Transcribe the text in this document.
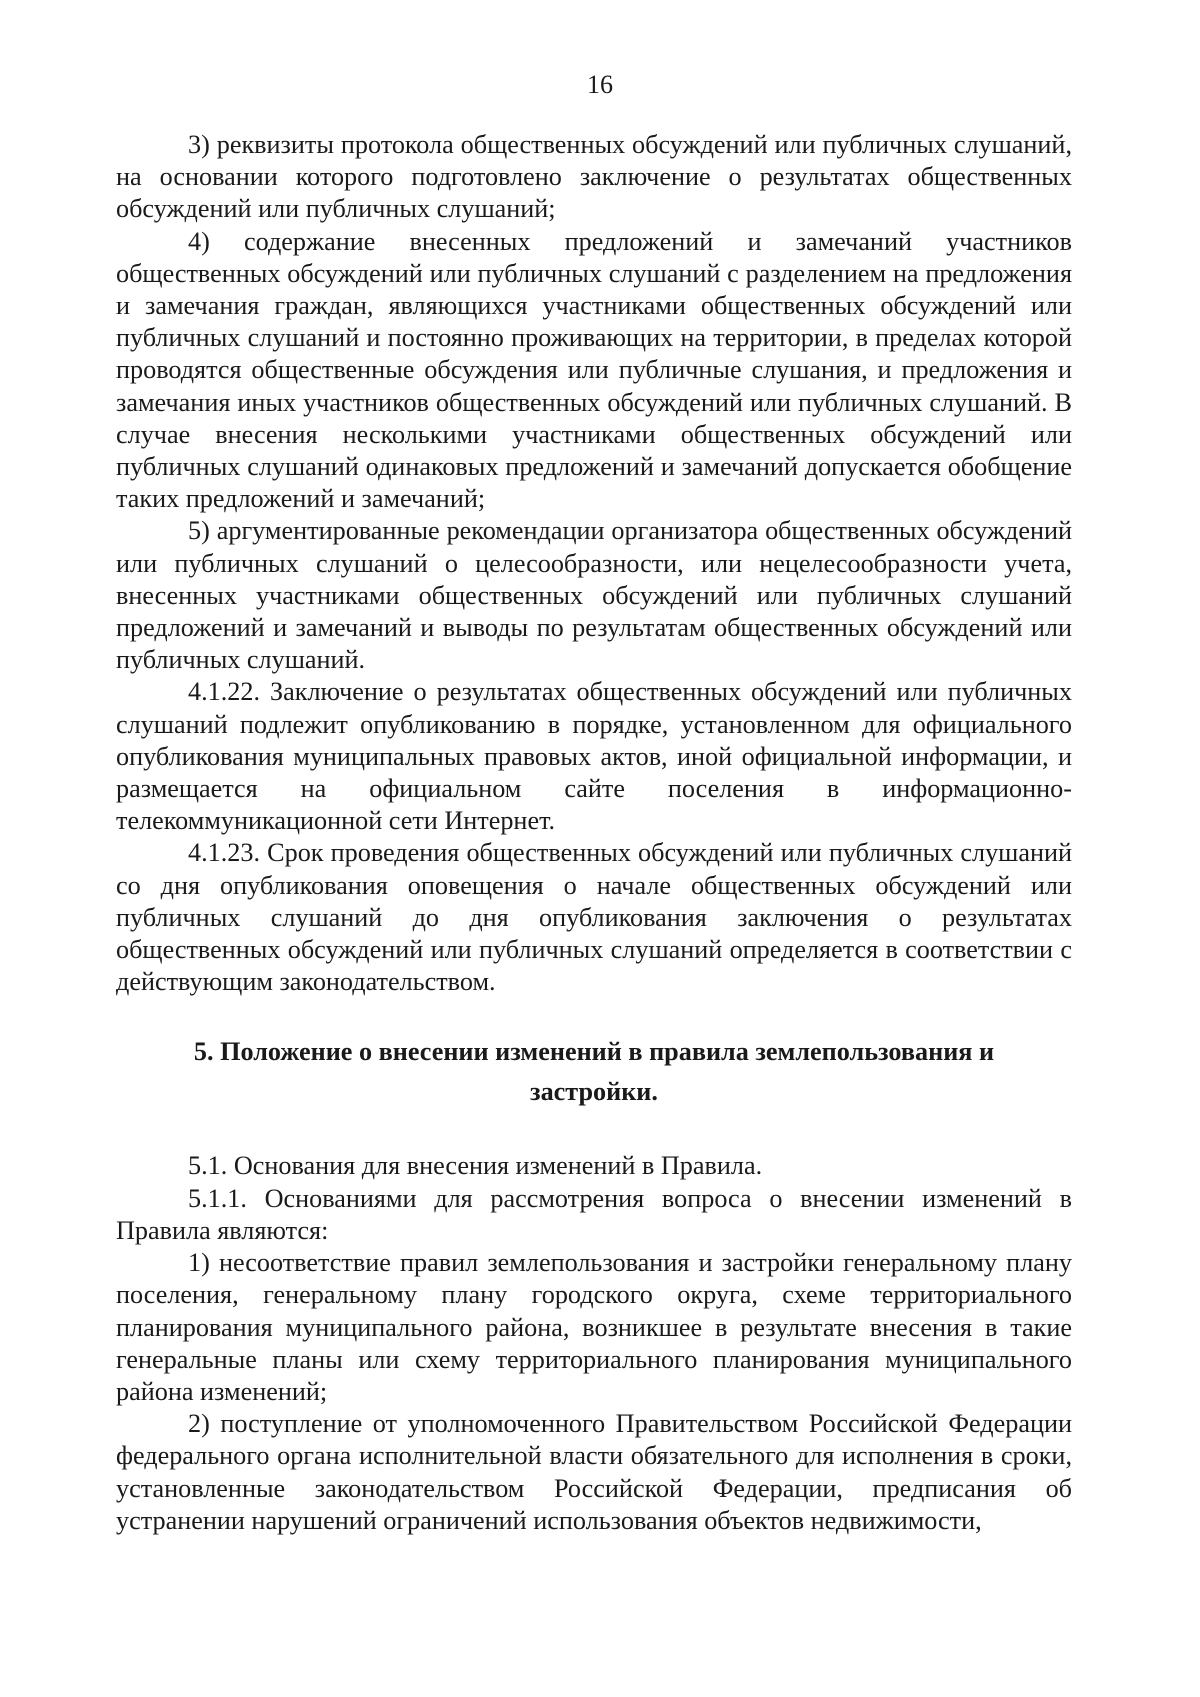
16

3) реквизиты протокола общественных обсуждений или публичных слушаний, на основании которого подготовлено заключение о результатах общественных обсуждений или публичных слушаний;

4) содержание внесенных предложений и замечаний участников общественных обсуждений или публичных слушаний с разделением на предложения и замечания граждан, являющихся участниками общественных обсуждений или публичных слушаний и постоянно проживающих на территории, в пределах которой проводятся общественные обсуждения или публичные слушания, и предложения и замечания иных участников общественных обсуждений или публичных слушаний. В случае внесения несколькими участниками общественных обсуждений или публичных слушаний одинаковых предложений и замечаний допускается обобщение таких предложений и замечаний;

5) аргументированные рекомендации организатора общественных обсуждений или публичных слушаний о целесообразности, или нецелесообразности учета, внесенных участниками общественных обсуждений или публичных слушаний предложений и замечаний и выводы по результатам общественных обсуждений или публичных слушаний.

4.1.22. Заключение о результатах общественных обсуждений или публичных слушаний подлежит опубликованию в порядке, установленном для официального опубликования муниципальных правовых актов, иной официальной информации, и размещается на официальном сайте поселения в информационно-телекоммуникационной сети Интернет.

4.1.23. Срок проведения общественных обсуждений или публичных слушаний со дня опубликования оповещения о начале общественных обсуждений или публичных слушаний до дня опубликования заключения о результатах общественных обсуждений или публичных слушаний определяется в соответствии с действующим законодательством.

5. Положение о внесении изменений в правила землепользования и застройки.

5.1. Основания для внесения изменений в Правила.

5.1.1. Основаниями для рассмотрения вопроса о внесении изменений в Правила являются:

1) несоответствие правил землепользования и застройки генеральному плану поселения, генеральному плану городского округа, схеме территориального планирования муниципального района, возникшее в результате внесения в такие генеральные планы или схему территориального планирования муниципального района изменений;

2) поступление от уполномоченного Правительством Российской Федерации федерального органа исполнительной власти обязательного для исполнения в сроки, установленные законодательством Российской Федерации, предписания об устранении нарушений ограничений использования объектов недвижимости,
